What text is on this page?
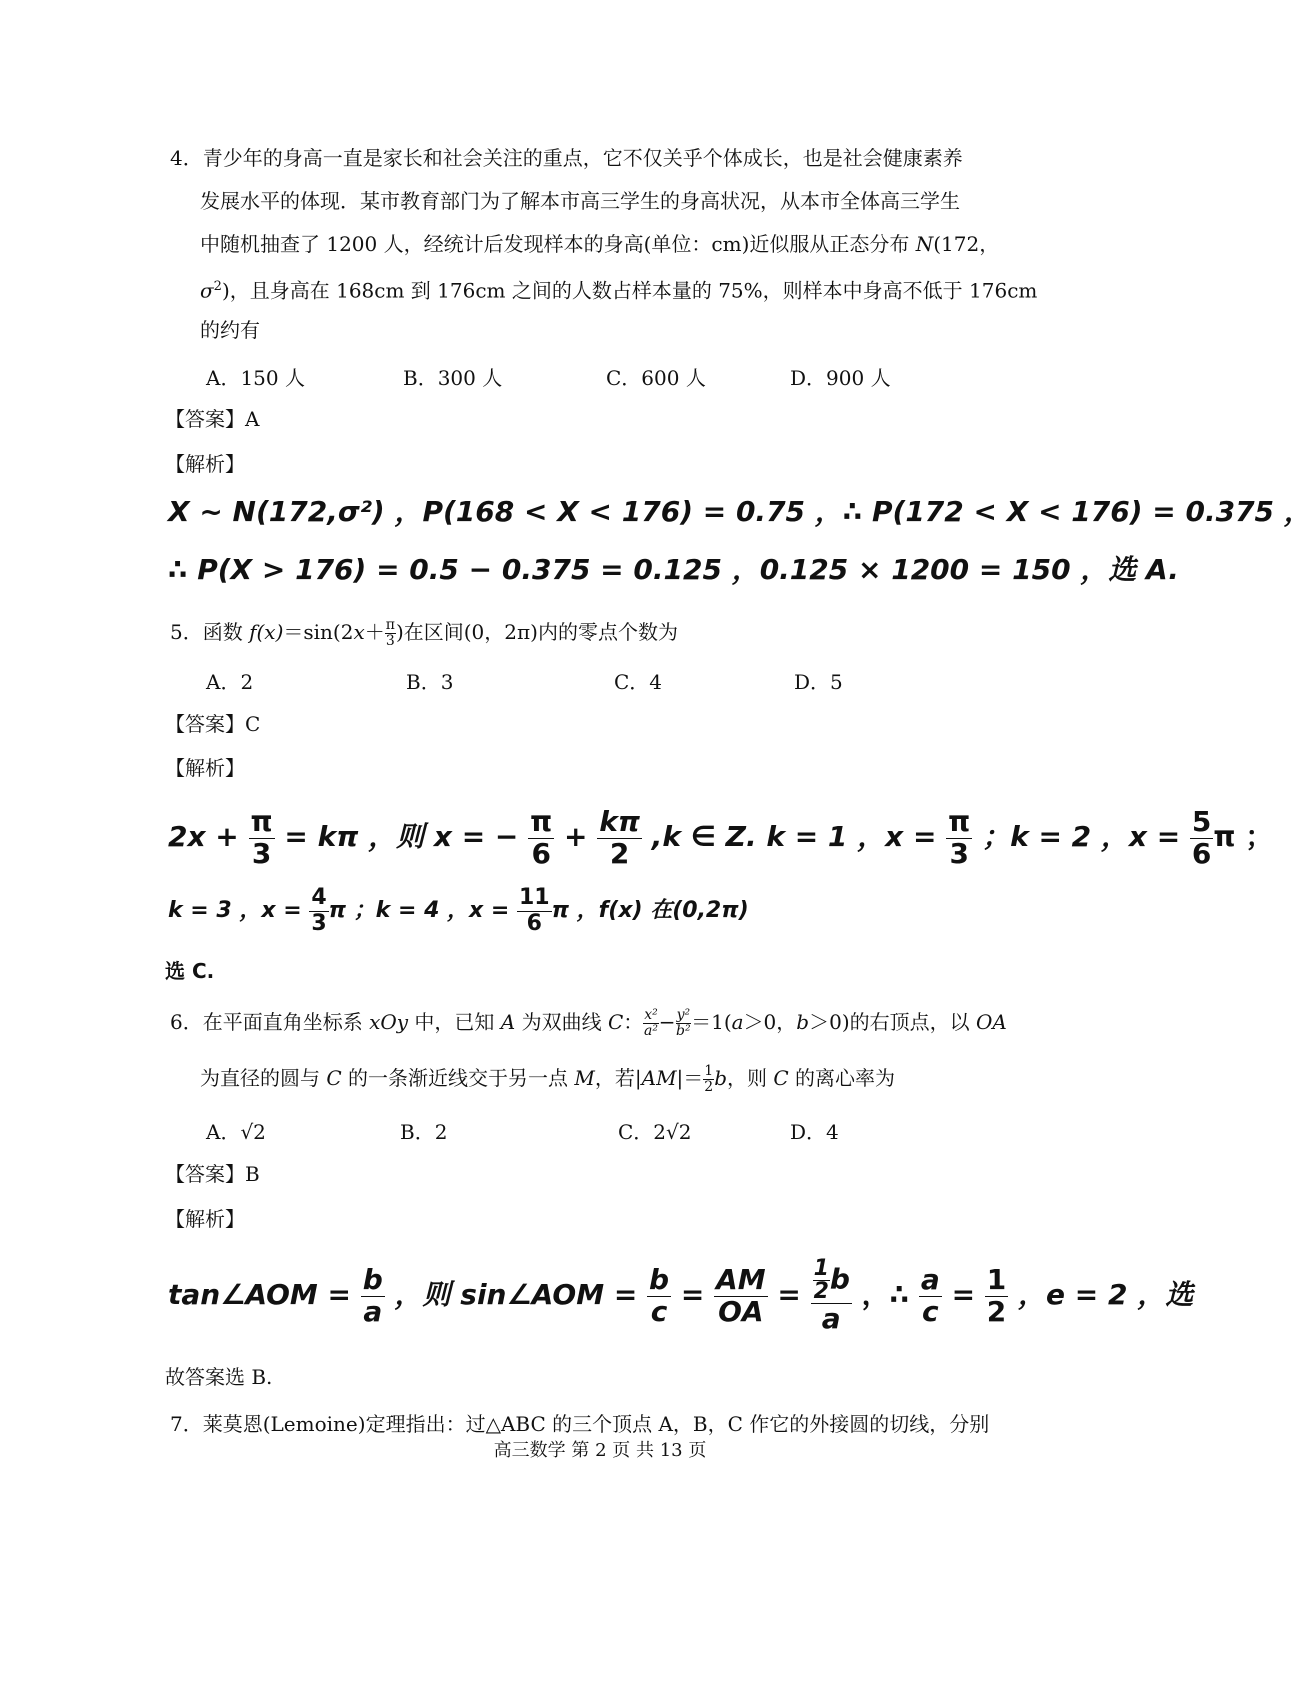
4．青少年的身高一直是家长和社会关注的重点，它不仅关乎个体成长，也是社会健康素养
发展水平的体现．某市教育部门为了解本市高三学生的身高状况，从本市全体高三学生
中随机抽查了 1200 人，经统计后发现样本的身高(单位：cm)近似服从正态分布 N(172，
$\sigma^2$)，且身高在 168cm 到 176cm 之间的人数占样本量的 75%，则样本中身高不低于 176cm
的约有
A．150 人	B．300 人	C．600 人	D．900 人
【答案】A
【解析】
X ~ N(172,σ²) ，P(168 < X < 176) = 0.75 ，∴ P(172 < X < 176) = 0.375 ，
∴ P(X > 176) = 0.5 − 0.375 = 0.125 ，0.125 × 1200 = 150 ，选 A.
5．函数 $f(x)=\sin(2x+ \frac{\pi}{3}$ )在区间(0，2π)内的零点个数为
A．2	B．3	C．4	D．5
【答案】C
【解析】
$2x + \frac{\pi}{3} = k\pi$ ，则 x = − $\frac{\pi}{6} + \frac{k\pi}{2} ,k$ ∈ Z. k = 1 ，$x = \frac{\pi}{3}$ ；k = 2 ，$x = \frac{5}{6}$ π ；
k = 3 ，$x = \frac{4}{3}$ π ；k = 4 ，$x = \frac{11}{6}$ π ，f(x) 在(0,2π)
选 C.
6．在平面直角坐标系 xOy 中，已知 A 为双曲线 C： $\frac{\text{x²}}{\text{a²}} - \frac{\text{y²}}{\text{b²}} =1(a>0$，b＞0)的右顶点，以 OA
为直径的圆与 C 的一条渐近线交于另一点 M，若$|AM|= \frac{1}{2}$ b，则 C 的离心率为
A．√2	B．2	C．2√2	D．4
【答案】B
【解析】
tan∠AOM = $\frac{b}{a}$ ，则 sin∠AOM = $\frac{b}{c} = \frac{AM}{OA} = \frac{\frac{1}{2} b}{a}$ ，∴ $\frac{a}{c} = \frac{1}{2}$ ，e = 2 ，选
故答案选 B.
7．莱莫恩(Lemoine)定理指出：过△ABC 的三个顶点 A，B，C 作它的外接圆的切线，分别
高三数学 第 2 页 共 13 页
